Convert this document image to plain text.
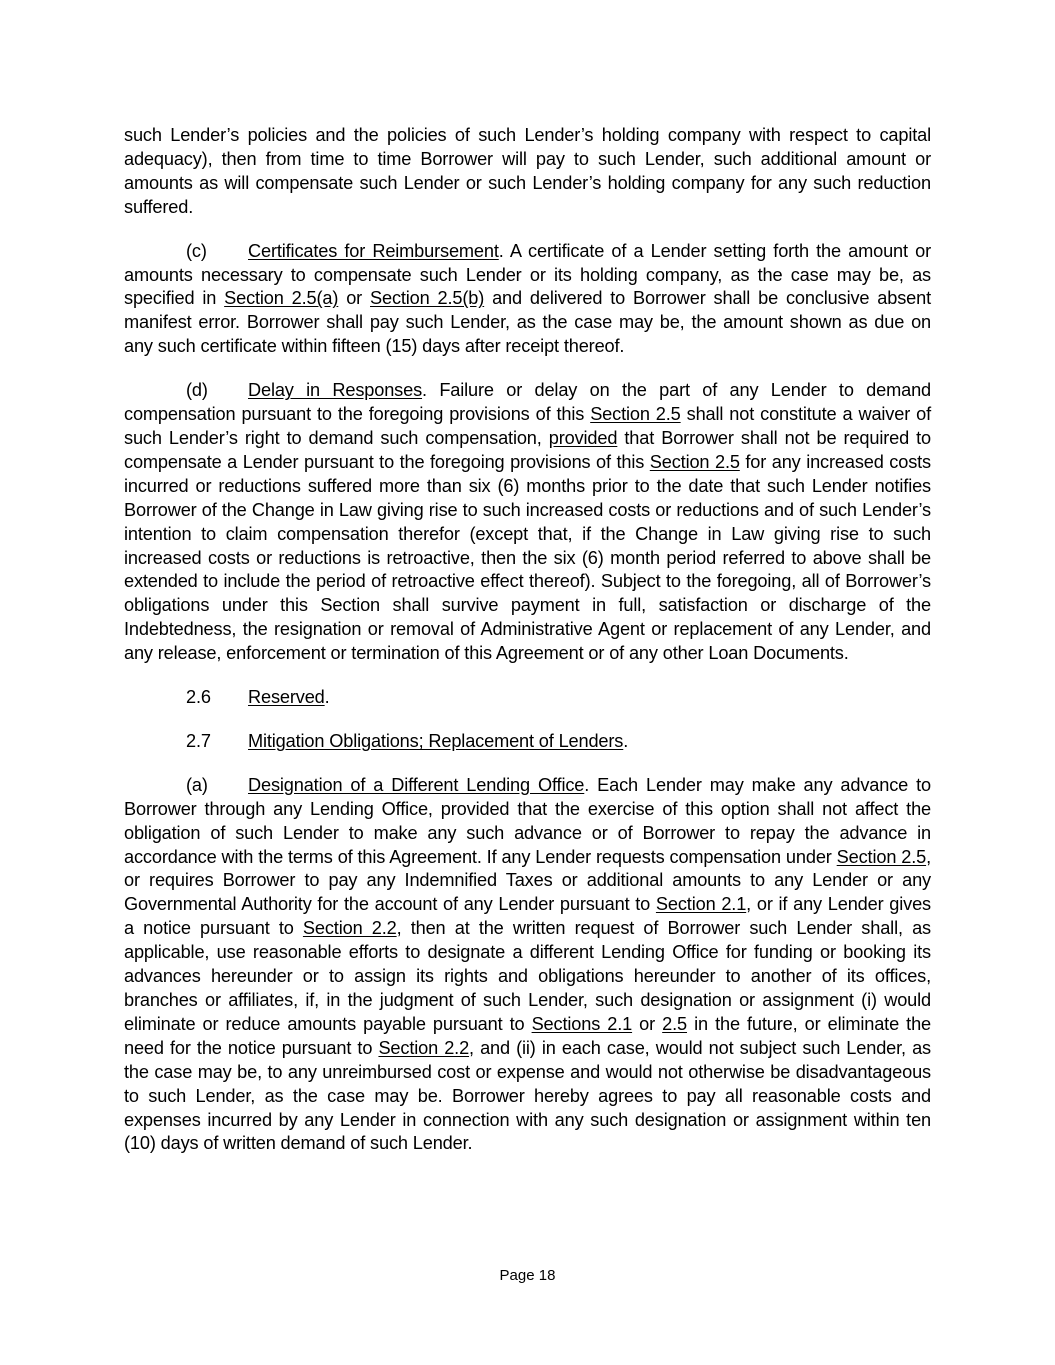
such Lender’s policies and the policies of such Lender’s holding company with respect to capital adequacy), then from time to time Borrower will pay to such Lender, such additional amount or amounts as will compensate such Lender or such Lender’s holding company for any such reduction suffered.

(c) Certificates for Reimbursement. A certificate of a Lender setting forth the amount or amounts necessary to compensate such Lender or its holding company, as the case may be, as specified in Section 2.5(a) or Section 2.5(b) and delivered to Borrower shall be conclusive absent manifest error. Borrower shall pay such Lender, as the case may be, the amount shown as due on any such certificate within fifteen (15) days after receipt thereof.

(d) Delay in Responses. Failure or delay on the part of any Lender to demand compensation pursuant to the foregoing provisions of this Section 2.5 shall not constitute a waiver of such Lender’s right to demand such compensation, provided that Borrower shall not be required to compensate a Lender pursuant to the foregoing provisions of this Section 2.5 for any increased costs incurred or reductions suffered more than six (6) months prior to the date that such Lender notifies Borrower of the Change in Law giving rise to such increased costs or reductions and of such Lender’s intention to claim compensation therefor (except that, if the Change in Law giving rise to such increased costs or reductions is retroactive, then the six (6) month period referred to above shall be extended to include the period of retroactive effect thereof). Subject to the foregoing, all of Borrower’s obligations under this Section shall survive payment in full, satisfaction or discharge of the Indebtedness, the resignation or removal of Administrative Agent or replacement of any Lender, and any release, enforcement or termination of this Agreement or of any other Loan Documents.

2.6 Reserved.

2.7 Mitigation Obligations; Replacement of Lenders.

(a) Designation of a Different Lending Office. Each Lender may make any advance to Borrower through any Lending Office, provided that the exercise of this option shall not affect the obligation of such Lender to make any such advance or of Borrower to repay the advance in accordance with the terms of this Agreement. If any Lender requests compensation under Section 2.5, or requires Borrower to pay any Indemnified Taxes or additional amounts to any Lender or any Governmental Authority for the account of any Lender pursuant to Section 2.1, or if any Lender gives a notice pursuant to Section 2.2, then at the written request of Borrower such Lender shall, as applicable, use reasonable efforts to designate a different Lending Office for funding or booking its advances hereunder or to assign its rights and obligations hereunder to another of its offices, branches or affiliates, if, in the judgment of such Lender, such designation or assignment (i) would eliminate or reduce amounts payable pursuant to Sections 2.1 or 2.5 in the future, or eliminate the need for the notice pursuant to Section 2.2, and (ii) in each case, would not subject such Lender, as the case may be, to any unreimbursed cost or expense and would not otherwise be disadvantageous to such Lender, as the case may be. Borrower hereby agrees to pay all reasonable costs and expenses incurred by any Lender in connection with any such designation or assignment within ten (10) days of written demand of such Lender.

Page 18
